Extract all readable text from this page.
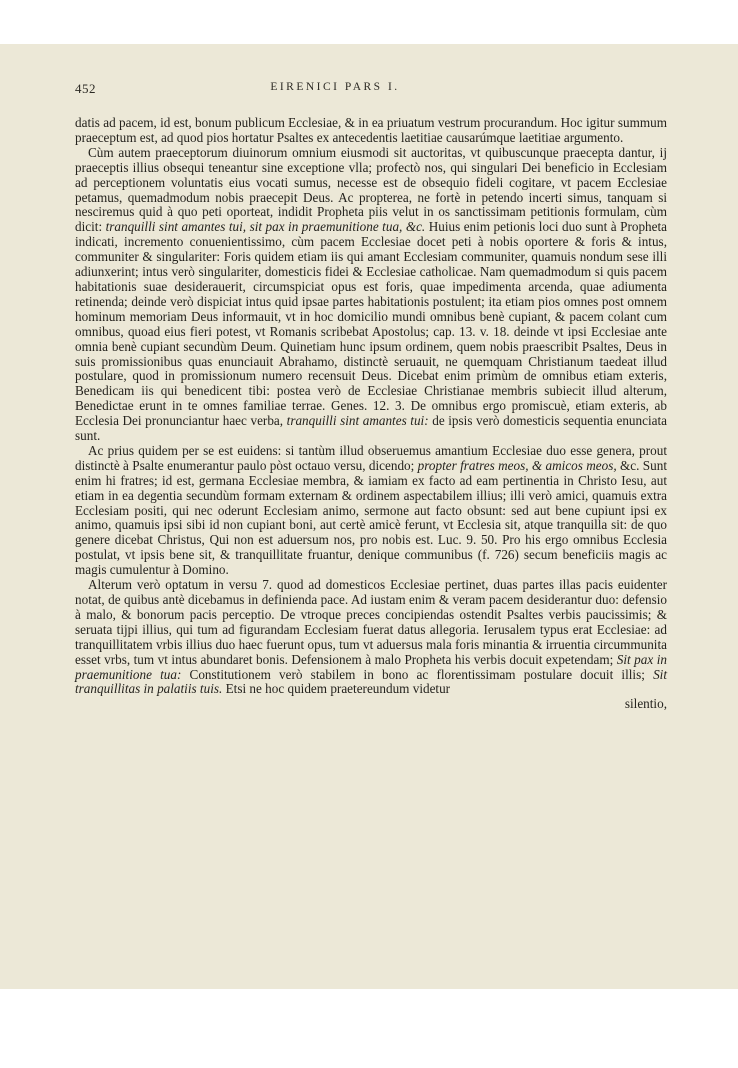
452	EIRENICI PARS I.

datis ad pacem, id est, bonum publicum Ecclesiae, & in ea priuatum vestrum procurandum. Hoc igitur summum praeceptum est, ad quod pios hortatur Psaltes ex antecedentis laetitiae causarúmque laetitiae argumento.

Cùm autem praeceptorum diuinorum omnium eiusmodi sit auctoritas, vt quibuscunque praecepta dantur, ij praeceptis illius obsequi teneantur sine exceptione vlla; profectò nos, qui singulari Dei beneficio in Ecclesiam ad perceptionem voluntatis eius vocati sumus, necesse est de obsequio fideli cogitare, vt pacem Ecclesiae petamus, quemadmodum nobis praecepit Deus. Ac propterea, ne fortè in petendo incerti simus, tanquam si nesciremus quid à quo peti oporteat, indidit Propheta piis velut in os sanctissimam petitionis formulam, cùm dicit: tranquilli sint amantes tui, sit pax in praemunitione tua, &c. Huius enim petionis loci duo sunt à Propheta indicati, incremento conuenientissimo, cùm pacem Ecclesiae docet peti à nobis oportere & foris & intus, communiter & singulariter: Foris quidem etiam iis qui amant Ecclesiam communiter, quamuis nondum sese illi adiunxerint; intus verò singulariter, domesticis fidei & Ecclesiae catholicae. Nam quemadmodum si quis pacem habitationis suae desiderauerit, circumspiciat opus est foris, quae impedimenta arcenda, quae adiumenta retinenda; deinde verò dispiciat intus quid ipsae partes habitationis postulent; ita etiam pios omnes post omnem hominum memoriam Deus informauit, vt in hoc domicilio mundi omnibus benè cupiant, & pacem colant cum omnibus, quoad eius fieri potest, vt Romanis scribebat Apostolus; cap. 13. v. 18. deinde vt ipsi Ecclesiae ante omnia benè cupiant secundùm Deum. Quinetiam hunc ipsum ordinem, quem nobis praescribit Psaltes, Deus in suis promissionibus quas enunciauit Abrahamo, distinctè seruauit, ne quemquam Christianum taedeat illud postulare, quod in promissionum numero recensuit Deus. Dicebat enim primùm de omnibus etiam exteris, Benedicam iis qui benedicent tibi: postea verò de Ecclesiae Christianae membris subiecit illud alterum, Benedictae erunt in te omnes familiae terrae. Genes. 12. 3. De omnibus ergo promiscuè, etiam exteris, ab Ecclesia Dei pronunciantur haec verba, tranquilli sint amantes tui: de ipsis verò domesticis sequentia enunciata sunt.

Ac prius quidem per se est euidens: si tantùm illud obseruemus amantium Ecclesiae duo esse genera, prout distinctè à Psalte enumerantur paulo pòst octauo versu, dicendo; propter fratres meos, & amicos meos, &c. Sunt enim hi fratres; id est, germana Ecclesiae membra, & iamiam ex facto ad eam pertinentia in Christo Iesu, aut etiam in ea degentia secundùm formam externam & ordinem aspectabilem illius; illi verò amici, quamuis extra Ecclesiam positi, qui nec oderunt Ecclesiam animo, sermone aut facto obsunt: sed aut bene cupiunt ipsi ex animo, quamuis ipsi sibi id non cupiant boni, aut certè amicè ferunt, vt Ecclesia sit, atque tranquilla sit: de quo genere dicebat Christus, Qui non est aduersum nos, pro nobis est. Luc. 9. 50. Pro his ergo omnibus Ecclesia postulat, vt ipsis bene sit, & tranquillitate fruantur, denique communibus (f. 726) secum beneficiis magis ac magis cumulentur à Domino.

Alterum verò optatum in versu 7. quod ad domesticos Ecclesiae pertinet, duas partes illas pacis euidenter notat, de quibus antè dicebamus in definienda pace. Ad iustam enim & veram pacem desiderantur duo: defensio à malo, & bonorum pacis perceptio. De vtroque preces concipiendas ostendit Psaltes verbis paucissimis; & seruata tijpi illius, qui tum ad figurandam Ecclesiam fuerat datus allegoria. Ierusalem typus erat Ecclesiae: ad tranquillitatem vrbis illius duo haec fuerunt opus, tum vt aduersus mala foris minantia & irruentia circummunita esset vrbs, tum vt intus abundaret bonis. Defensionem à malo Propheta his verbis docuit expetendam; Sit pax in praemunitione tua: Constitutionem verò stabilem in bono ac florentissimam postulare docuit illis; Sit tranquillitas in palatiis tuis. Etsi ne hoc quidem praetereundum videtur

silentio,
